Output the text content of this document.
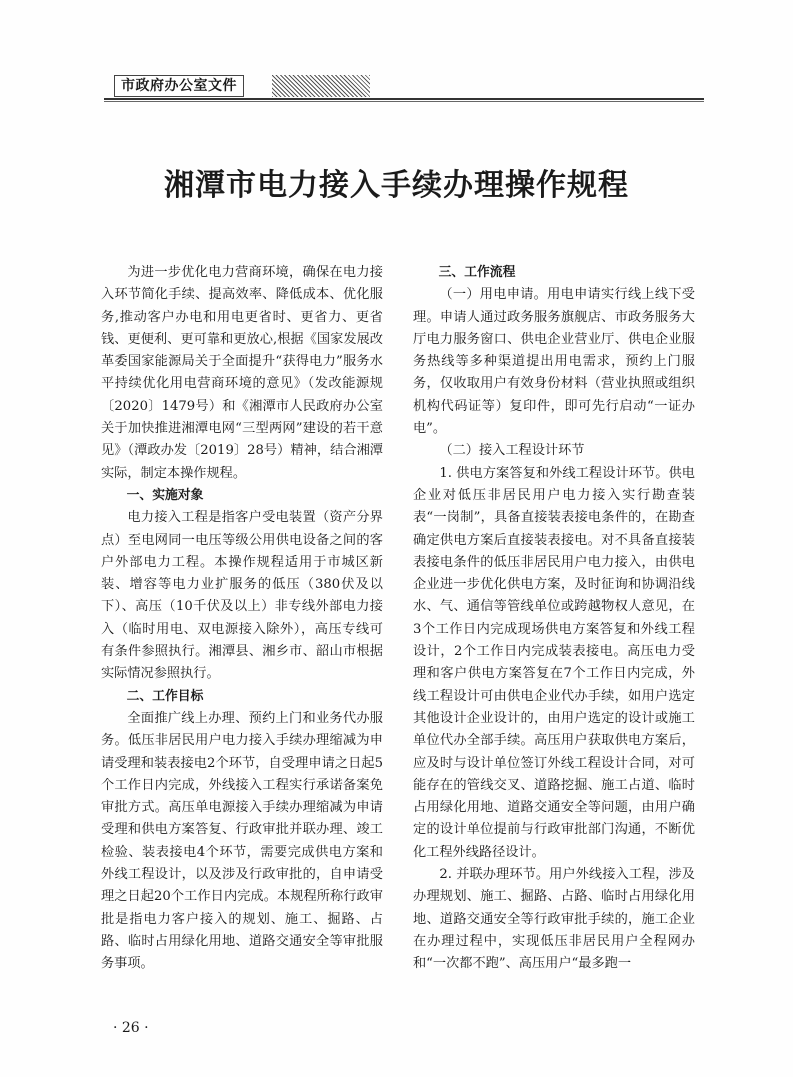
市政府办公室文件
湘潭市电力接入手续办理操作规程

为进一步优化电力营商环境，确保在电力接入环节简化手续、提高效率、降低成本、优化服务,推动客户办电和用电更省时、更省力、更省钱、更便利、更可靠和更放心,根据《国家发展改革委国家能源局关于全面提升“获得电力”服务水平持续优化用电营商环境的意见》（发改能源规〔2020〕1479号）和《湘潭市人民政府办公室关于加快推进湘潭电网“三型两网”建设的若干意见》（潭政办发〔2019〕28号）精神，结合湘潭实际，制定本操作规程。

一、实施对象

电力接入工程是指客户受电装置（资产分界点）至电网同一电压等级公用供电设备之间的客户外部电力工程。本操作规程适用于市城区新装、增容等电力业扩服务的低压（380伏及以下）、高压（10千伏及以上）非专线外部电力接入（临时用电、双电源接入除外），高压专线可有条件参照执行。湘潭县、湘乡市、韶山市根据实际情况参照执行。

二、工作目标

全面推广线上办理、预约上门和业务代办服务。低压非居民用户电力接入手续办理缩减为申请受理和装表接电2个环节，自受理申请之日起5个工作日内完成，外线接入工程实行承诺备案免审批方式。高压单电源接入手续办理缩减为申请受理和供电方案答复、行政审批并联办理、竣工检验、装表接电4个环节，需要完成供电方案和外线工程设计，以及涉及行政审批的，自申请受理之日起20个工作日内完成。本规程所称行政审批是指电力客户接入的规划、施工、掘路、占路、临时占用绿化用地、道路交通安全等审批服务事项。

三、工作流程

（一）用电申请。用电申请实行线上线下受理。申请人通过政务服务旗舰店、市政务服务大厅电力服务窗口、供电企业营业厅、供电企业服务热线等多种渠道提出用电需求，预约上门服务，仅收取用户有效身份材料（营业执照或组织机构代码证等）复印件，即可先行启动“一证办电”。

（二）接入工程设计环节

1. 供电方案答复和外线工程设计环节。供电企业对低压非居民用户电力接入实行勘查装表“一岗制”，具备直接装表接电条件的，在勘查确定供电方案后直接装表接电。对不具备直接装表接电条件的低压非居民用户电力接入，由供电企业进一步优化供电方案，及时征询和协调沿线水、气、通信等管线单位或跨越物权人意见，在3个工作日内完成现场供电方案答复和外线工程设计，2个工作日内完成装表接电。高压电力受理和客户供电方案答复在7个工作日内完成，外线工程设计可由供电企业代办手续，如用户选定其他设计企业设计的，由用户选定的设计或施工单位代办全部手续。高压用户获取供电方案后，应及时与设计单位签订外线工程设计合同，对可能存在的管线交叉、道路挖掘、施工占道、临时占用绿化用地、道路交通安全等问题，由用户确定的设计单位提前与行政审批部门沟通，不断优化工程外线路径设计。

2. 并联办理环节。用户外线接入工程，涉及办理规划、施工、掘路、占路、临时占用绿化用地、道路交通安全等行政审批手续的，施工企业在办理过程中，实现低压非居民用户全程网办和“一次都不跑”、高压用户“最多跑一

· 26 ·
